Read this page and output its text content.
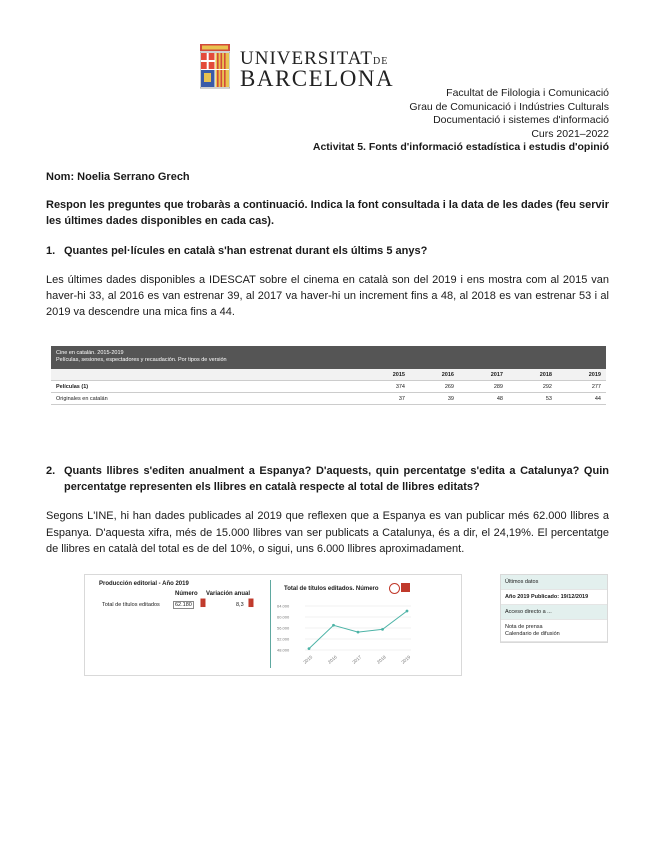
UNIVERSITATDE
BARCELONA
Facultat de Filologia i Comunicació
Grau de Comunicació i Indústries Culturals
Documentació i sistemes d'informació
Curs 2021–2022
Activitat 5. Fonts d'informació estadística i estudis d'opinió
Nom: Noelia Serrano Grech
Respon les preguntes que trobaràs a continuació. Indica la font consultada i la data de les dades (feu servir les últimes dades disponibles en cada cas).
1. Quantes pel·lícules en català s'han estrenat durant els últims 5 anys?
Les últimes dades disponibles a IDESCAT sobre el cinema en català son del 2019 i ens mostra com al 2015 van haver-hi 33, al 2016 es van estrenar 39, al 2017 va haver-hi un increment fins a 48, al 2018 es van estrenar 53 i al 2019 va descendre una mica fins a 44.
Cine en catalán. 2015-2019
Películas, sesiones, espectadores y recaudación. Por tipos de versión
	2015	2016	2017	2018	2019
Películas (1)	374	269	289	292	277
Originales en catalán	37	39	48	53	44
2. Quants llibres s'editen anualment a Espanya? D'aquests, quin percentatge s'edita a Catalunya? Quin percentatge representen els llibres en català respecte al total de llibres editats?
Segons L'INE, hi han dades publicades al 2019 que reflexen que a Espanya es van publicar més 62.000 llibres a Espanya. D'aquesta xifra, més de 15.000 llibres van ser publicats a Catalunya, és a dir, el 24,19%. El percentatge de llibres en català del total es de del 10%, o sigui, uns 6.000 llibres aproximadament.
Producción editorial - Año 2019
Número Variación anual
Total de títulos editados	62.180 ▐▌	8,3 ▐▌
Total de títulos editados. Número
64.000
60.000
56.000
52.000
48.000
2015	2016	2017	2018	2019
Últimos datos
Año 2019 Publicado: 19/12/2019
Acceso directo a ...
Nota de prensa
Calendario de difusión
